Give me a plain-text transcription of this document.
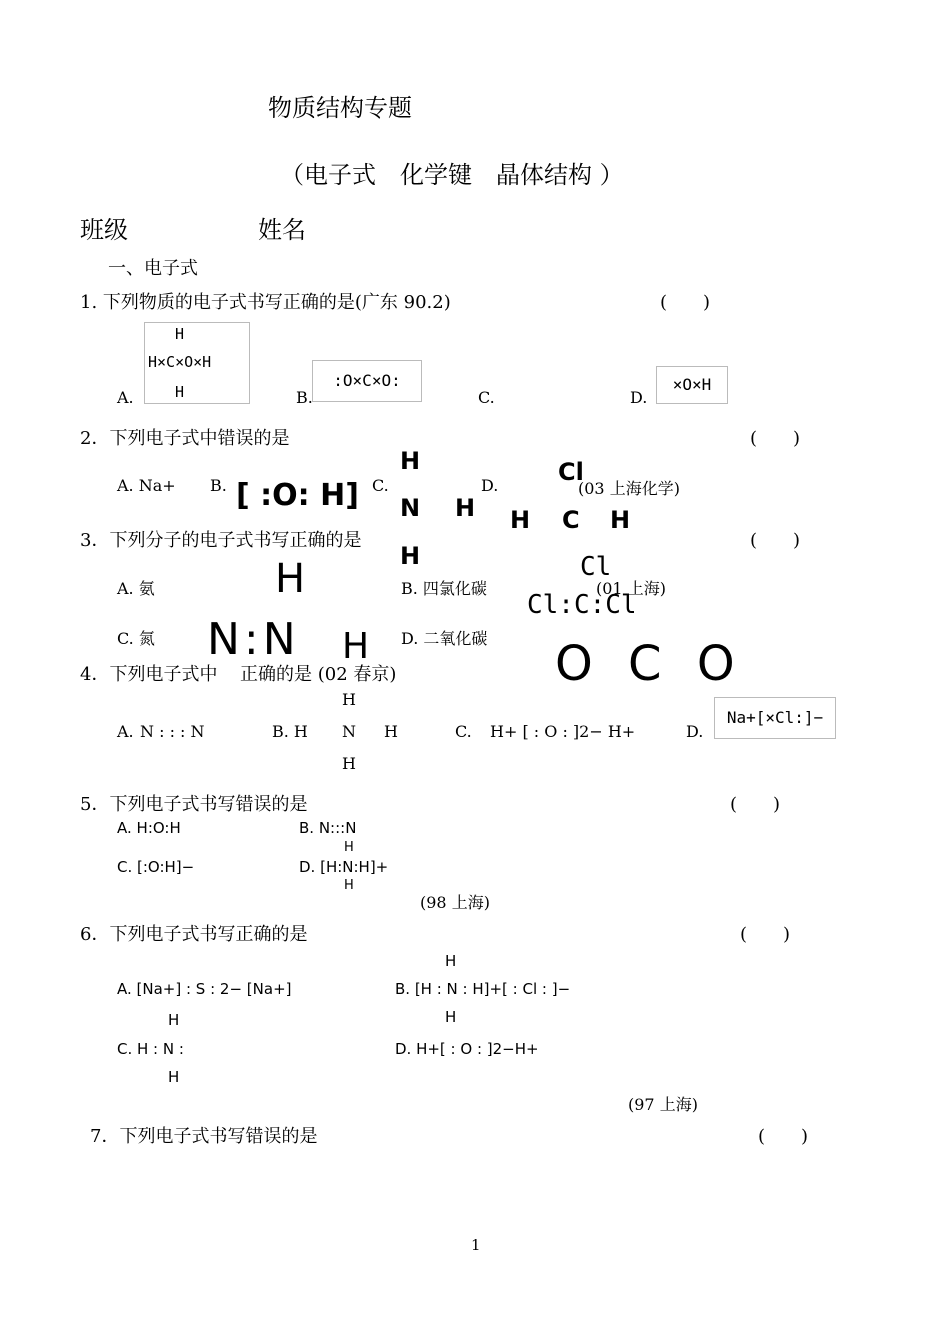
物质结构专题
（电子式　化学键　晶体结构 ）
班级	姓名
一、电子式
1. 下列物质的电子式书写正确的是(广东 90.2)	(　　)
A.
H
H×C×O×H
H	B.
:O×C×O:
C.	D.
×O×H
2．下列电子式中错误的是	(　　)
A. Na+ B. [ :O: H] C.
H
N H
H
D. Cl
H C H
(03 上海化学)
3．下列分子的电子式书写正确的是	(　　)
A. 氨	H	B. 四氯化碳
Cl
Cl:C:Cl
(01 上海)
C. 氮 N:N H D. 二氧化碳 O C O
4．下列电子式中 正确的是 (02 春京)
A. N : : : N	B. H
H
N H
H
C. H+ [ : O : ]2− H+	D.
Na+[×Cl:]−
5．下列电子式书写错误的是	(　　)
A. H:O:H	B. N:::N
H
C. [:O:H]−	D. [H:N:H]+
H
(98 上海)
6．下列电子式书写正确的是	(　　)
H
A. [Na+] : S : 2− [Na+]	B. [H : N : H]+[ : Cl : ]−
H
H
C. H : N :	D. H+[ : O : ]2−H+
H
(97 上海)
7．下列电子式书写错误的是	(　　)
1
